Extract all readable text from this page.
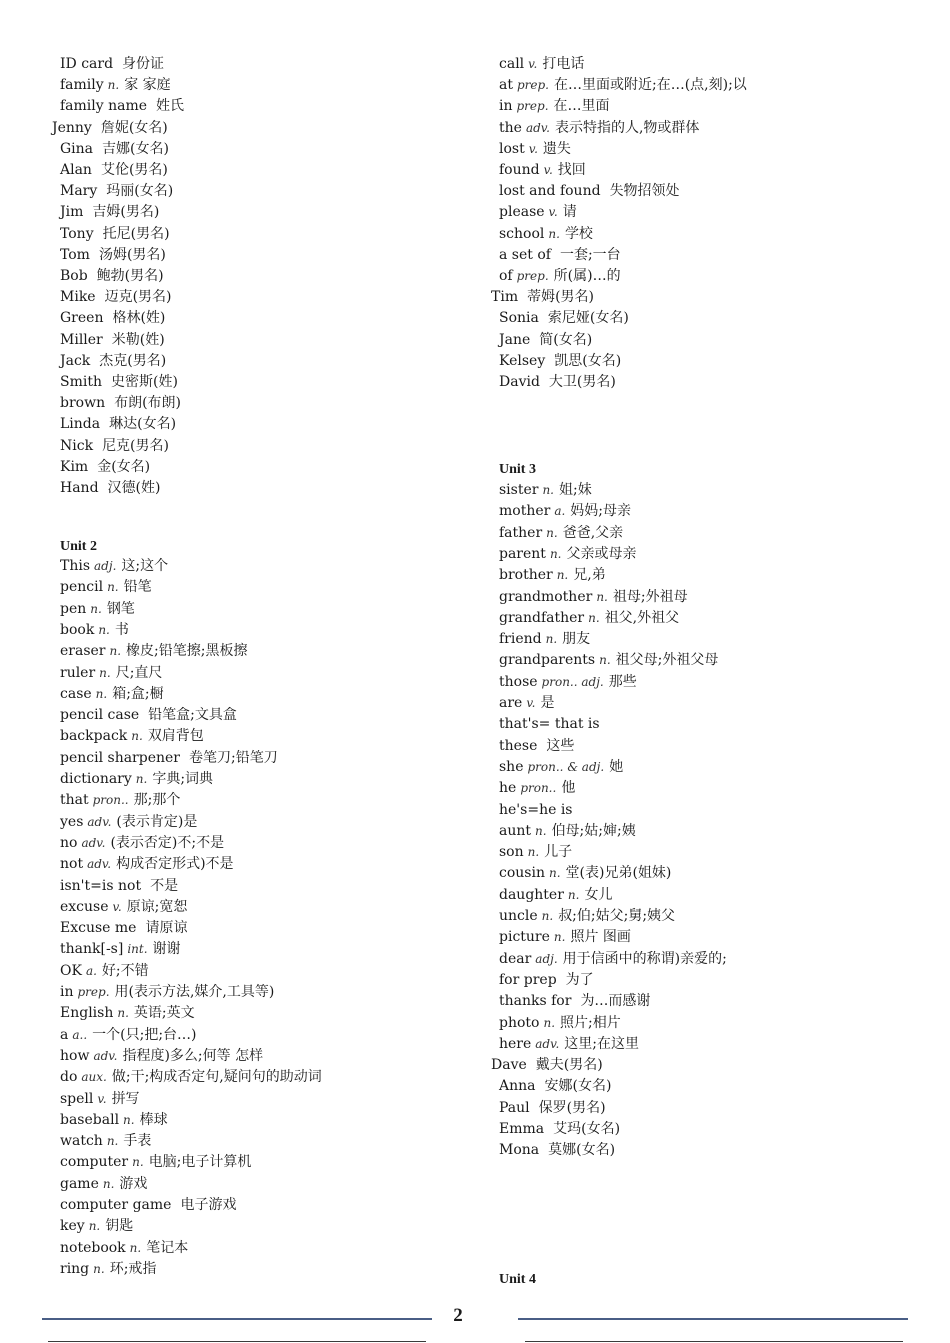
ID card 身份证
family n. 家 家庭
family name 姓氏
Jenny 詹妮(女名)
Gina 吉娜(女名)
Alan 艾伦(男名)
Mary 玛丽(女名)
Jim 吉姆(男名)
Tony 托尼(男名)
Tom 汤姆(男名)
Bob 鲍勃(男名)
Mike 迈克(男名)
Green 格林(姓)
Miller 米勒(姓)
Jack 杰克(男名)
Smith 史密斯(姓)
brown 布朗(布朗)
Linda 琳达(女名)
Nick 尼克(男名)
Kim 金(女名)
Hand 汉德(姓)
Unit 2
This adj. 这;这个
pencil n. 铅笔
pen n. 钢笔
book n. 书
eraser n. 橡皮;铅笔擦;黑板擦
ruler n. 尺;直尺
case n. 箱;盒;橱
pencil case 铅笔盒;文具盒
backpack n. 双肩背包
pencil sharpener 卷笔刀;铅笔刀
dictionary n. 字典;词典
that pron.. 那;那个
yes adv. (表示肯定)是
no adv. (表示否定)不;不是
not adv. 构成否定形式)不是
isn't=is not 不是
excuse v. 原谅;宽恕
Excuse me 请原谅
thank[-s] int. 谢谢
OK a. 好;不错
in prep. 用(表示方法,媒介,工具等)
English n. 英语;英文
a a.. 一个(只;把;台…)
how adv. 指程度)多么;何等 怎样
do aux. 做;干;构成否定句,疑问句的助动词
spell v. 拼写
baseball n. 棒球
watch n. 手表
computer n. 电脑;电子计算机
game n. 游戏
computer game 电子游戏
key n. 钥匙
notebook n. 笔记本
ring n. 环;戒指
call v. 打电话
at prep. 在…里面或附近;在…(点,刻);以
in prep. 在…里面
the adv. 表示特指的人,物或群体
lost v. 遗失
found v. 找回
lost and found 失物招领处
please v. 请
school n. 学校
a set of 一套;一台
of prep. 所(属)…的
Tim 蒂姆(男名)
Sonia 索尼娅(女名)
Jane 简(女名)
Kelsey 凯思(女名)
David 大卫(男名)
Unit 3
sister n. 姐;妹
mother a. 妈妈;母亲
father n. 爸爸,父亲
parent n. 父亲或母亲
brother n. 兄,弟
grandmother n. 祖母;外祖母
grandfather n. 祖父,外祖父
friend n. 朋友
grandparents n. 祖父母;外祖父母
those pron.. adj. 那些
are v. 是
that's= that is
these 这些
she pron.. & adj. 她
he pron.. 他
he's=he is
aunt n. 伯母;姑;婶;姨
son n. 儿子
cousin n. 堂(表)兄弟(姐妹)
daughter n. 女儿
uncle n. 叔;伯;姑父;舅;姨父
picture n. 照片 图画
dear adj. 用于信函中的称谓)亲爱的;
for prep 为了
thanks for 为…而感谢
photo n. 照片;相片
here adv. 这里;在这里
Dave 戴夫(男名)
Anna 安娜(女名)
Paul 保罗(男名)
Emma 艾玛(女名)
Mona 莫娜(女名)
Unit 4
2
